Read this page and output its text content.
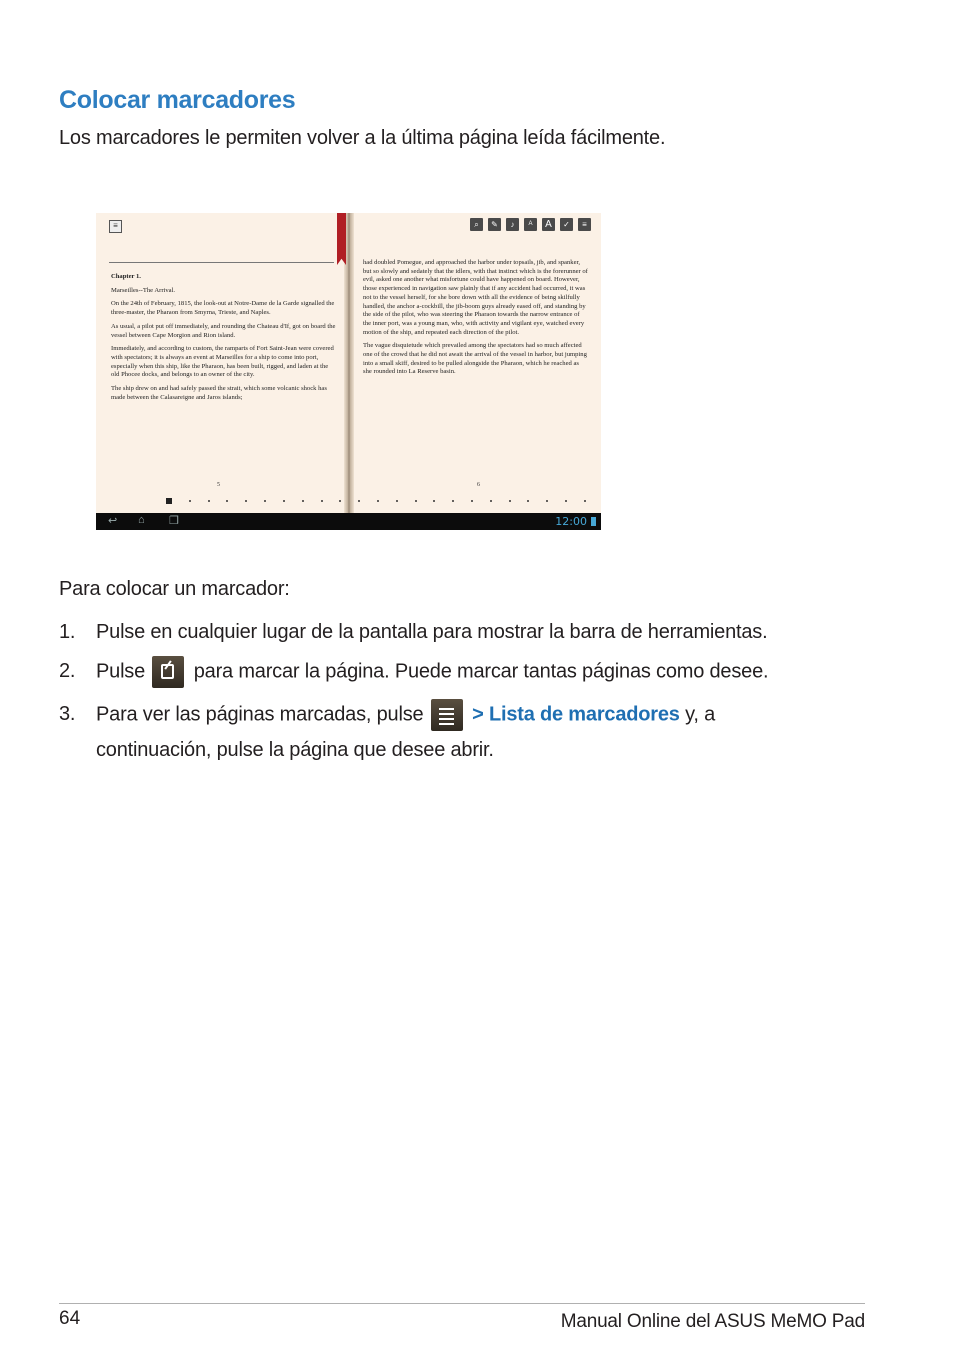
Colocar marcadores
Los marcadores le permiten volver a la última página leída fácilmente.
≡

Chapter 1.

Marseilles--The Arrival.

On the 24th of February, 1815, the look-out at Notre-Dame de la Garde signalled the three-master, the Pharaon from Smyrna, Trieste, and Naples.

As usual, a pilot put off immediately, and rounding the Chateau d'If, got on board the vessel between Cape Morgion and Rion island.

Immediately, and according to custom, the ramparts of Fort Saint-Jean were covered with spectators; it is always an event at Marseilles for a ship to come into port, especially when this ship, like the Pharaon, has been built, rigged, and laden at the old Phocee docks, and belongs to an owner of the city.

The ship drew on and had safely passed the strait, which some volcanic shock has made between the Calasareigne and Jaros islands;

5
⌕	✎	♪	A	A	✓	≡

had doubled Pomegue, and approached the harbor under topsails, jib, and spanker, but so slowly and sedately that the idlers, with that instinct which is the forerunner of evil, asked one another what misfortune could have happened on board. However, those experienced in navigation saw plainly that if any accident had occurred, it was not to the vessel herself, for she bore down with all the evidence of being skilfully handled, the anchor a-cockbill, the jib-boom guys already eased off, and standing by the side of the pilot, who was steering the Pharaon towards the narrow entrance of the inner port, was a young man, who, with activity and vigilant eye, watched every motion of the ship, and repeated each direction of the pilot.

The vague disquietude which prevailed among the spectators had so much affected one of the crowd that he did not await the arrival of the vessel in harbor, but jumping into a small skiff, desired to be pulled alongside the Pharaon, which he reached as she rounded into La Reserve basin.

6
↩ ⌂ ❐	12:00
Para colocar un marcador:
1. Pulse en cualquier lugar de la pantalla para mostrar la barra de herramientas.
2. Pulse para marcar la página. Puede marcar tantas páginas como desee.
3. Para ver las páginas marcadas, pulse > Lista de marcadores y, a
continuación, pulse la página que desee abrir.
64	Manual Online del ASUS MeMO Pad
